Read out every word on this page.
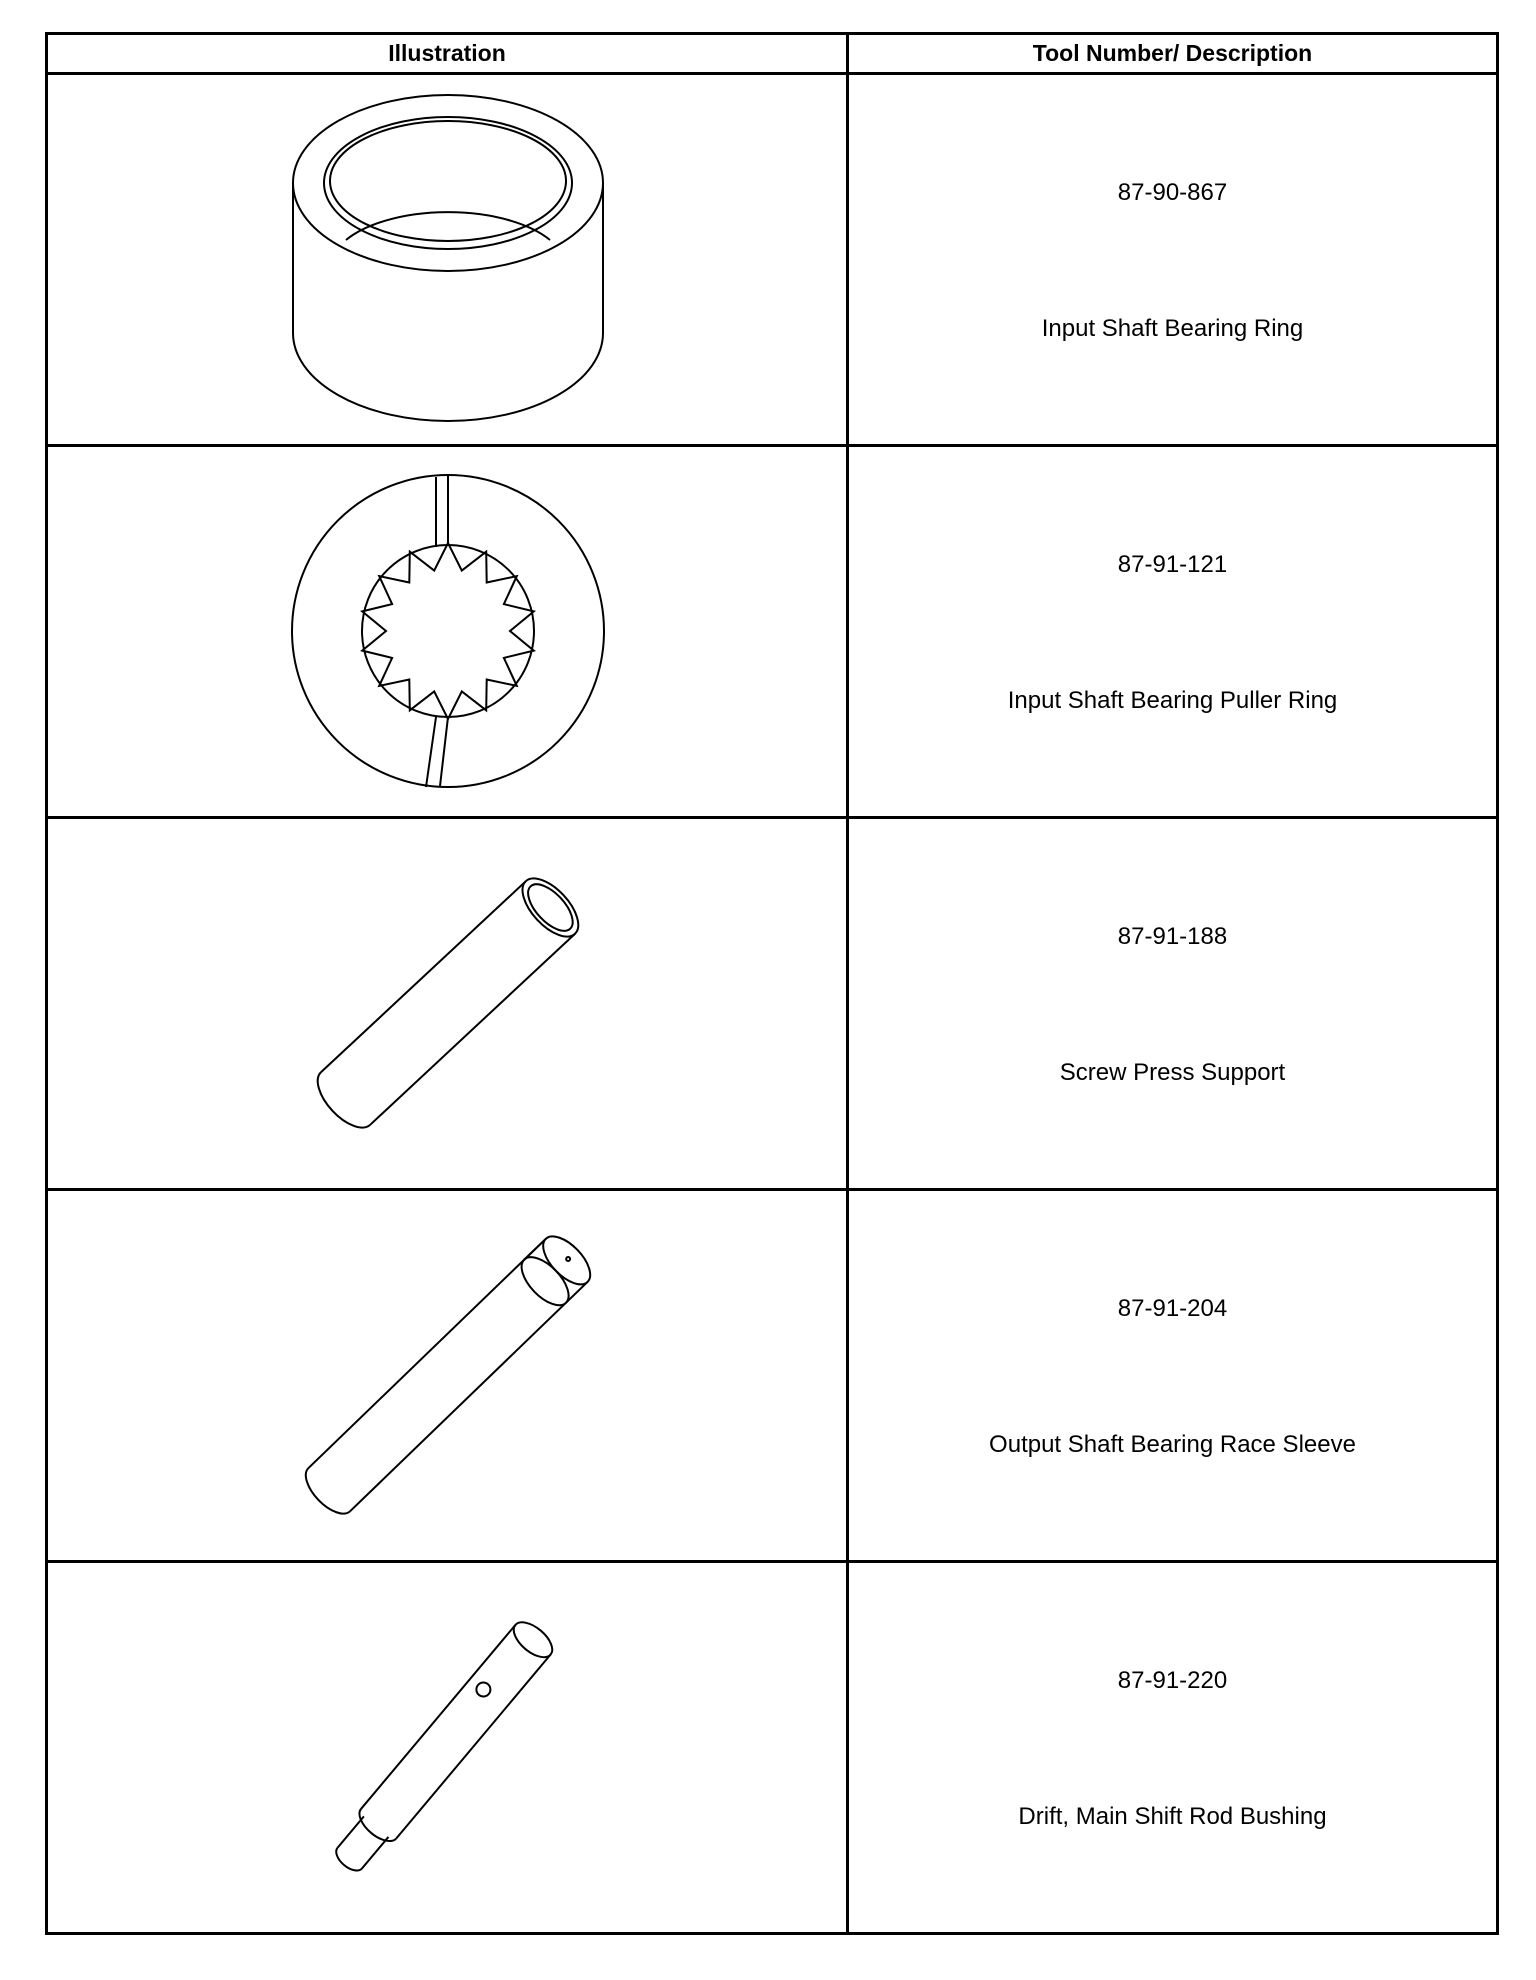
Illustration	Tool Number/ Description

87-90-867
Input Shaft Bearing Ring

87-91-121
Input Shaft Bearing Puller Ring

87-91-188
Screw Press Support

87-91-204
Output Shaft Bearing Race Sleeve

87-91-220
Drift, Main Shift Rod Bushing
